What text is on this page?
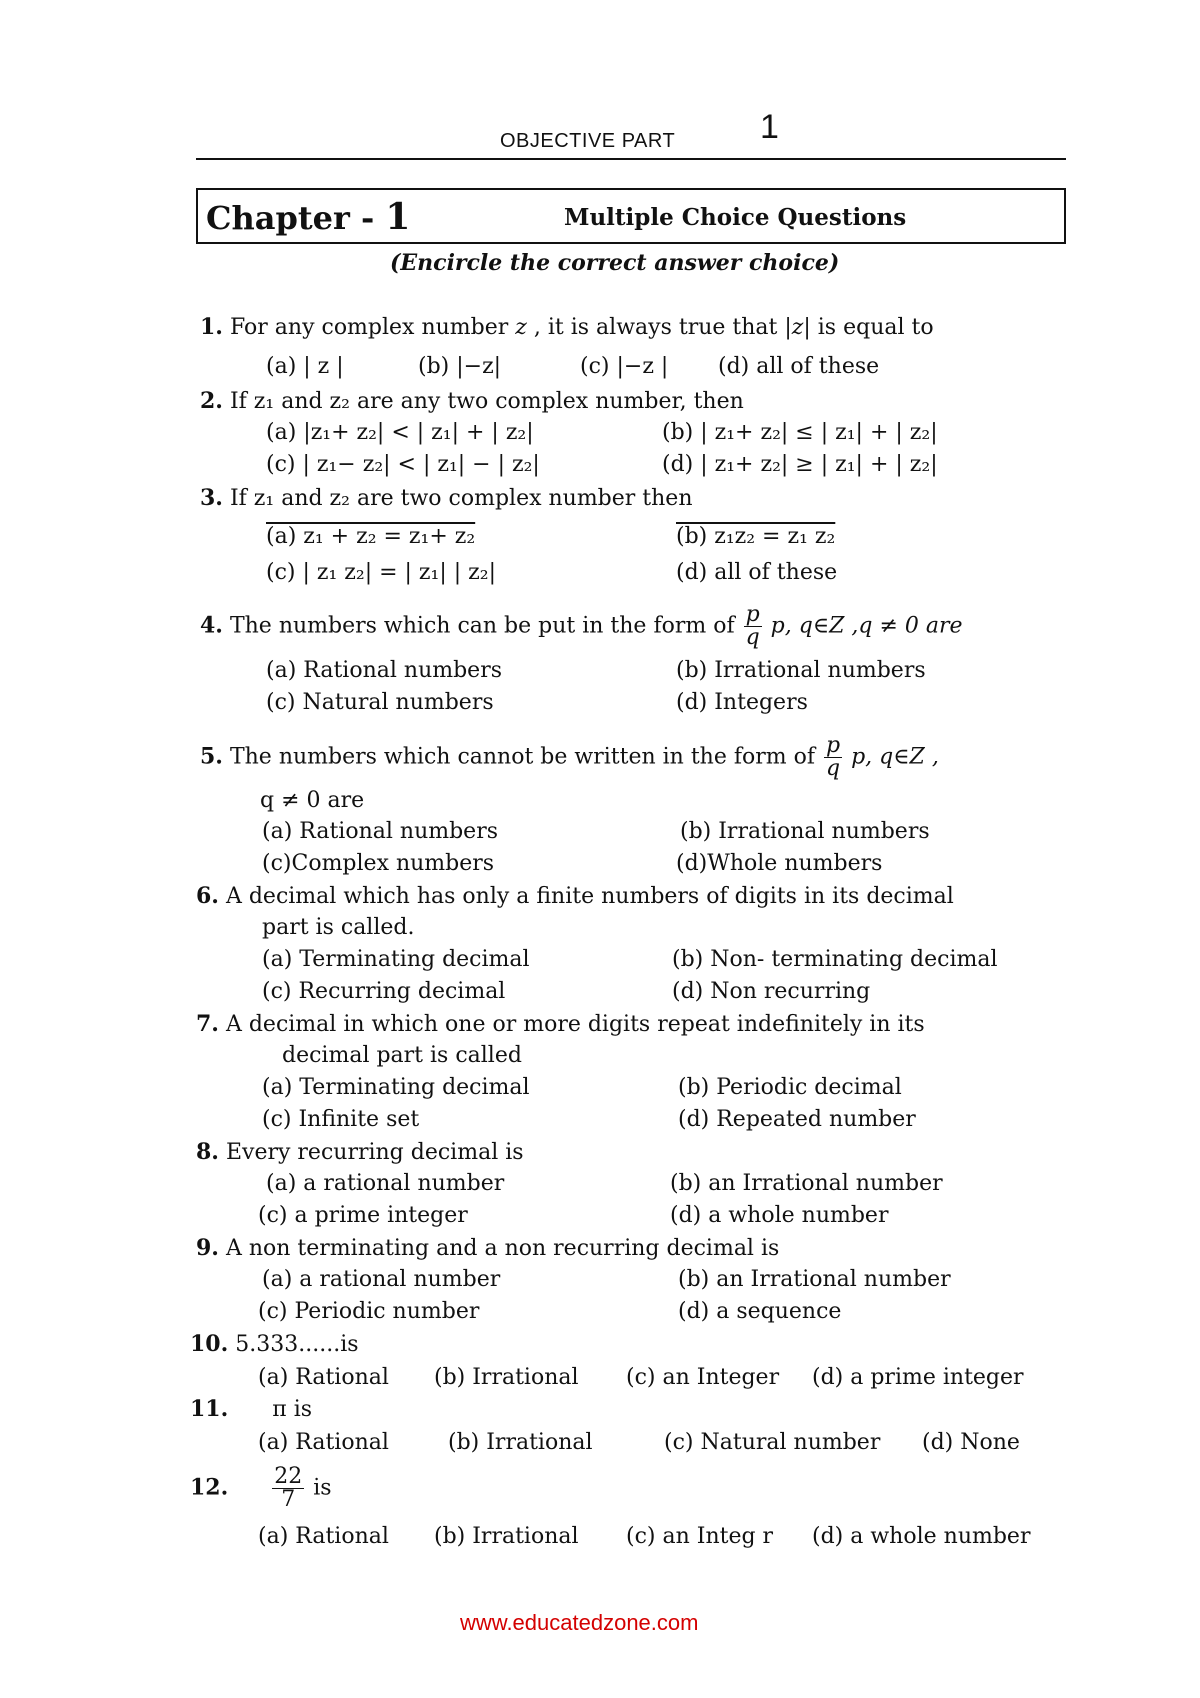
OBJECTIVE PART 1
Chapter - 1	Multiple Choice Questions
(Encircle the correct answer choice)
1. For any complex number z , it is always true that |z| is equal to
(a) | z |	(b) |−z|	(c) |−z | (d) all of these
2. If z₁ and z₂ are any two complex number, then
(a) |z₁+ z₂| < | z₁| + | z₂|	(b) | z₁+ z₂| ≤ | z₁| + | z₂|
(c) | z₁− z₂| < | z₁| − | z₂|	(d) | z₁+ z₂| ≥ | z₁| + | z₂|
3. If z₁ and z₂ are two complex number then
(a) z₁ + z₂ = z₁+ z₂	(b) z₁z₂ = z₁ z₂
(c) | z₁ z₂| = | z₁| | z₂|	(d) all of these
4. The numbers which can be put in the form of $\frac{p}{q} p$, q∈Z ,q ≠ 0 are
(a) Rational numbers	(b) Irrational numbers
(c) Natural numbers	(d) Integers
5. The numbers which cannot be written in the form of $\frac{p}{q} p$, q∈Z ,
q ≠ 0 are
(a) Rational numbers	(b) Irrational numbers
(c)Complex numbers	(d)Whole numbers
6. A decimal which has only a finite numbers of digits in its decimal
part is called.
(a) Terminating decimal	(b) Non- terminating decimal
(c) Recurring decimal	(d) Non recurring
7. A decimal in which one or more digits repeat indefinitely in its
decimal part is called
(a) Terminating decimal	(b) Periodic decimal
(c) Infinite set	(d) Repeated number
8. Every recurring decimal is
(a) a rational number	(b) an Irrational number
(c) a prime integer	(d) a whole number
9. A non terminating and a non recurring decimal is
(a) a rational number	(b) an Irrational number
(c) Periodic number	(d) a sequence
10. 5.333......is
(a) Rational (b) Irrational (c) an Integer (d) a prime integer
11. π is
(a) Rational	(b) Irrational	(c) Natural number (d) None
12. $\frac{22}{7}$ is
(a) Rational (b) Irrational (c) an Integ r (d) a whole number
www.educatedzone.com
